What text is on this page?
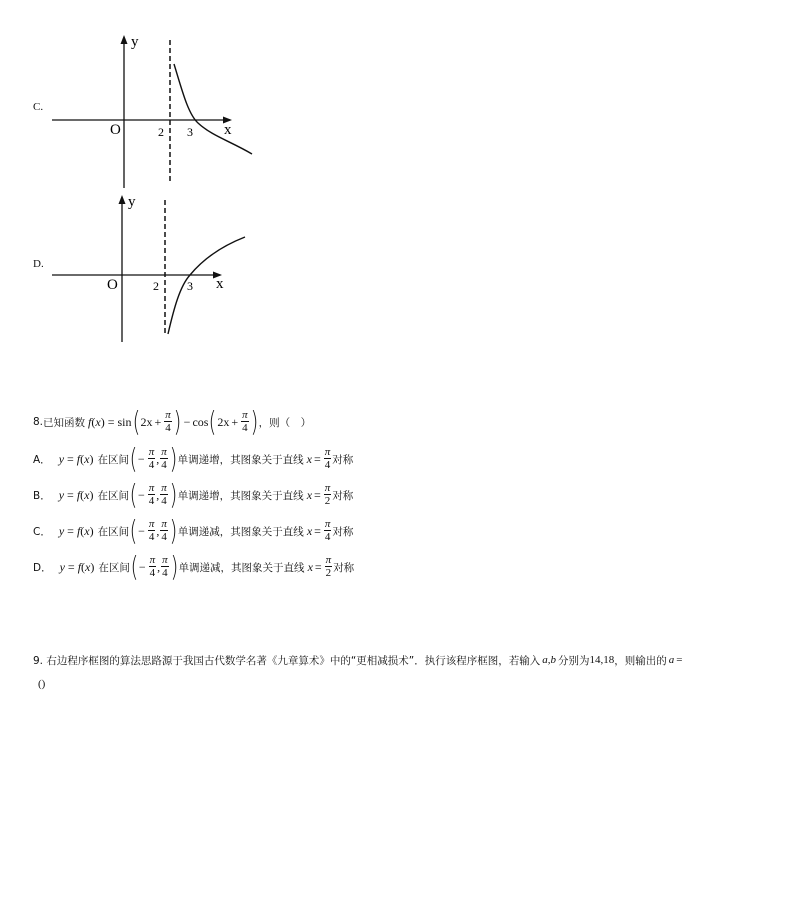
C.
y
x
O	2 3
D.
y
x
O	2 3
8. 已知函数 f ( x ) = sin ( $2x + \frac{\pi}{4}$ ) − cos ( $2x + \frac{\pi}{4}$ ) ，则（　）
A． y = f ( x ) 在区间 ( − $\frac{\pi}{4}$ , $\frac{\pi}{4}$ ) 单调递增，其图象关于直线 $x = \frac{\pi}{4}$ 对称
B． y = f ( x ) 在区间 ( − $\frac{\pi}{4}$ , $\frac{\pi}{4}$ ) 单调递增，其图象关于直线 $x = \frac{\pi}{2}$ 对称
C． y = f ( x ) 在区间 ( − $\frac{\pi}{4}$ , $\frac{\pi}{4}$ ) 单调递减，其图象关于直线 $x = \frac{\pi}{4}$ 对称
D． y = f ( x ) 在区间 ( − $\frac{\pi}{4}$ , $\frac{\pi}{4}$ ) 单调递减，其图象关于直线 $x = \frac{\pi}{2}$ 对称
9. 右边程序框图的算法思路源于我国古代数学名著《九章算术》中的“更相减损术”．执行该程序框图，若输入 a,b 分别为 14,18 ，则输出的 a =
()
